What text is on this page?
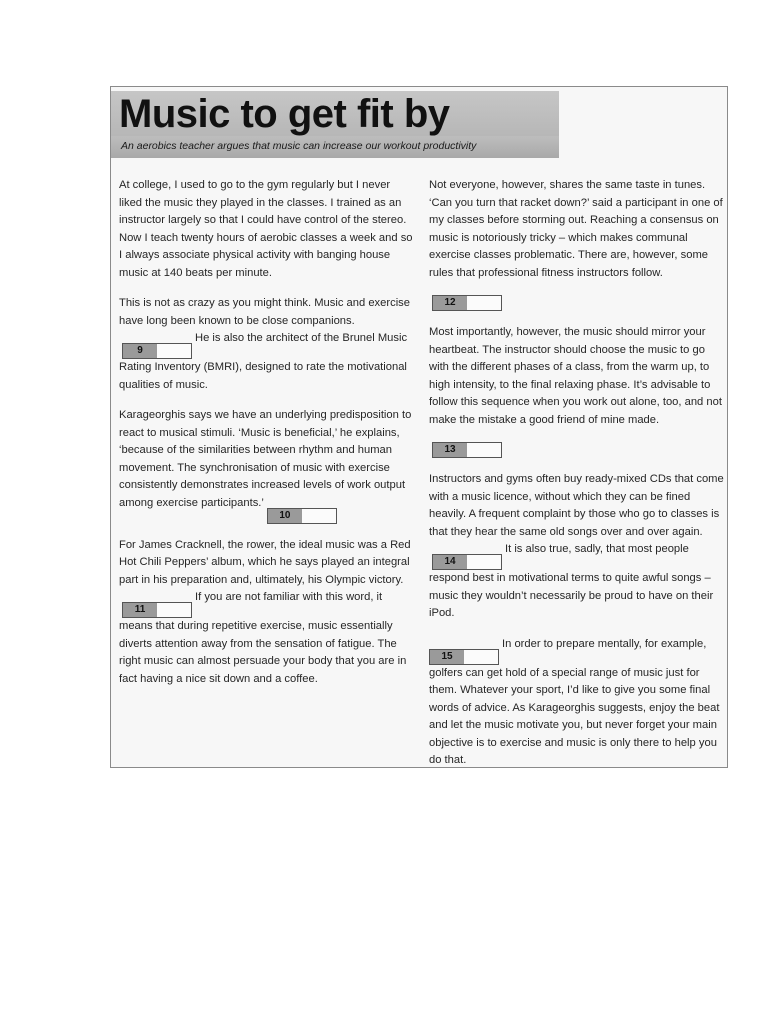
Music to get fit by

An aerobics teacher argues that music can increase our workout productivity

At college, I used to go to the gym regularly but I never liked the music they played in the classes. I trained as an instructor largely so that I could have control of the stereo. Now I teach twenty hours of aerobic classes a week and so I always associate physical activity with banging house music at 140 beats per minute.

This is not as crazy as you might think. Music and exercise have long been known to be close companions.9He is also the architect of the Brunel Music Rating Inventory (BMRI), designed to rate the motivational qualities of music.

Karageorghis says we have an underlying predisposition to react to musical stimuli. ‘Music is beneficial,’ he explains, ‘because of the similarities between rhythm and human movement. The synchronisation of music with exercise consistently demonstrates increased levels of work output among exercise participants.’10

For James Cracknell, the rower, the ideal music was a Red Hot Chili Peppers’ album, which he says played an integral part in his preparation and, ultimately, his Olympic victory.11If you are not familiar with this word, it means that during repetitive exercise, music essentially diverts attention away from the sensation of fatigue. The right music can almost persuade your body that you are in fact having a nice sit down and a coffee.

Not everyone, however, shares the same taste in tunes. ‘Can you turn that racket down?’ said a participant in one of my classes before storming out. Reaching a consensus on music is notoriously tricky – which makes communal exercise classes problematic. There are, however, some rules that professional fitness instructors follow.12

Most importantly, however, the music should mirror your heartbeat. The instructor should choose the music to go with the different phases of a class, from the warm up, to high intensity, to the final relaxing phase. It’s advisable to follow this sequence when you work out alone, too, and not make the mistake a good friend of mine made.13

Instructors and gyms often buy ready-mixed CDs that come with a music licence, without which they can be fined heavily. A frequent complaint by those who go to classes is that they hear the same old songs over and over again.14It is also true, sadly, that most people respond best in motivational terms to quite awful songs – music they wouldn’t necessarily be proud to have on their iPod.

15In order to prepare mentally, for example, golfers can get hold of a special range of music just for them. Whatever your sport, I’d like to give you some final words of advice. As Karageorghis suggests, enjoy the beat and let the music motivate you, but never forget your main objective is to exercise and music is only there to help you do that.
